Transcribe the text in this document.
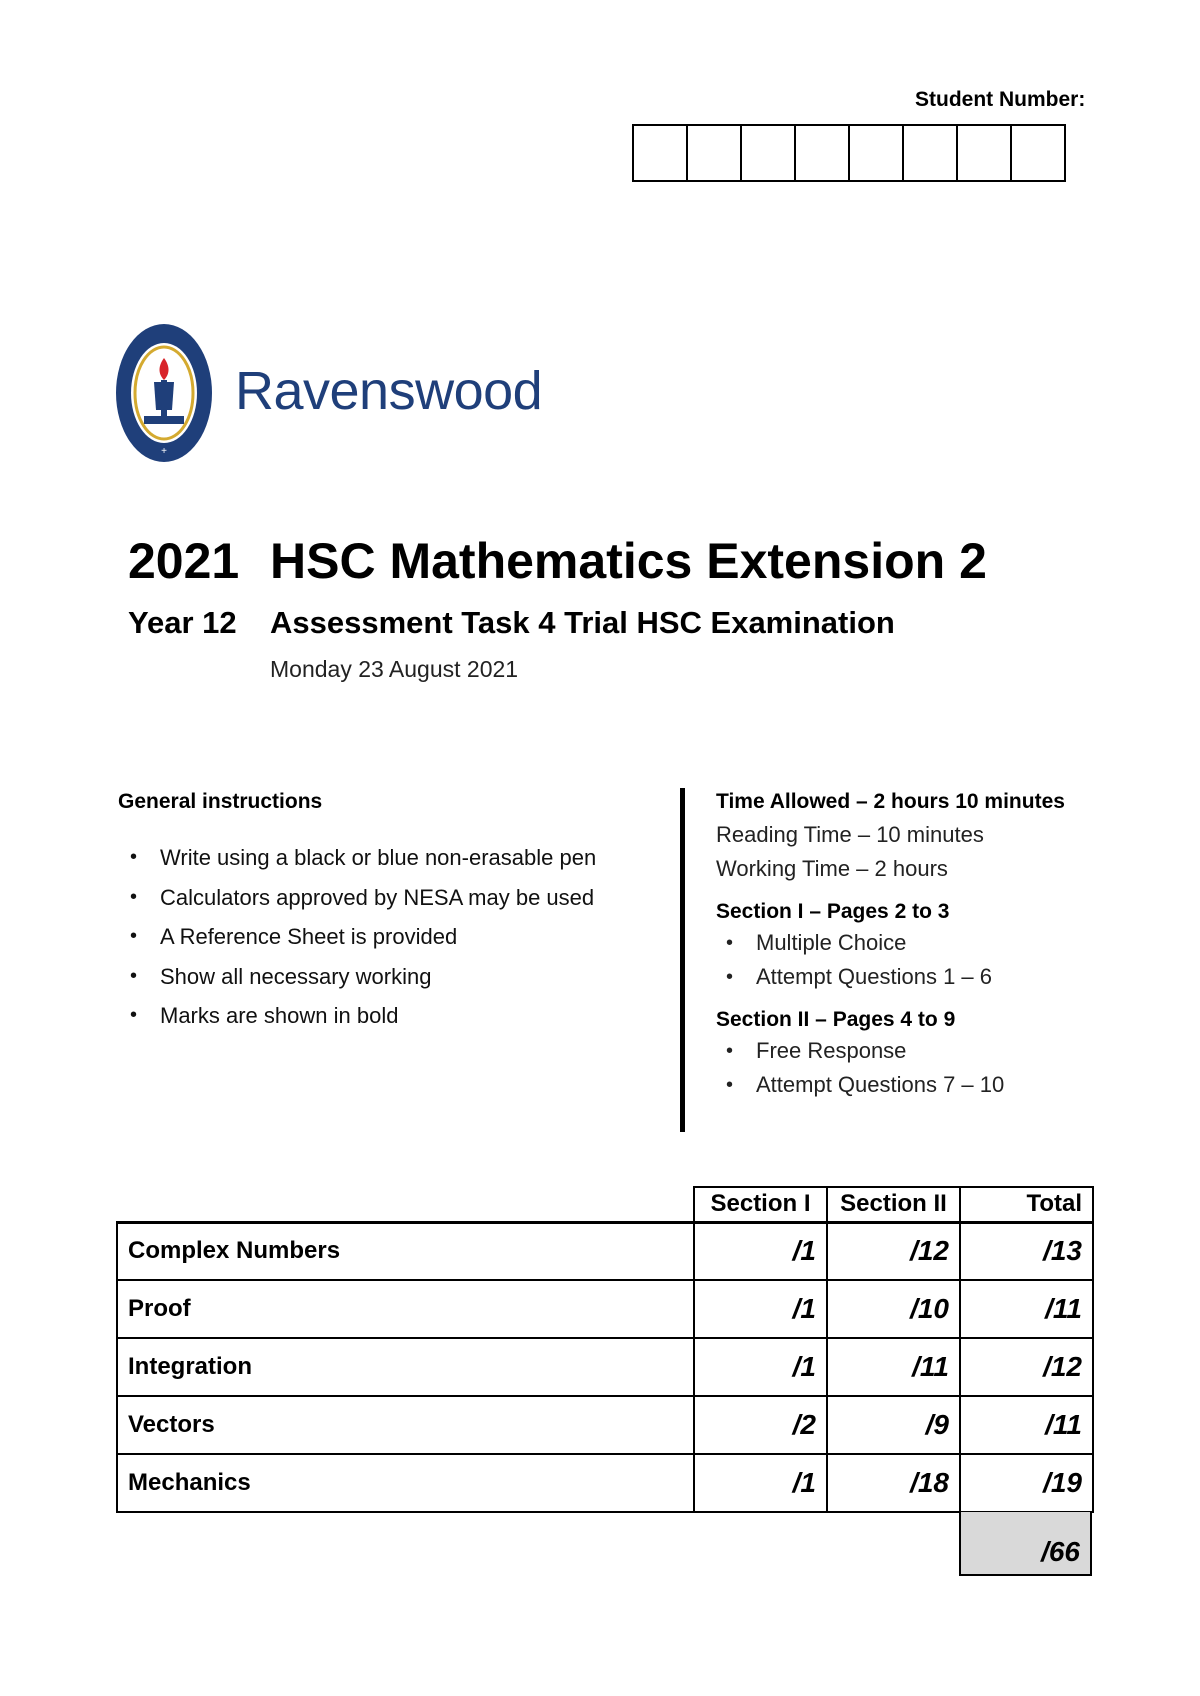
Student Number:
+
Ravenswood
2021 HSC Mathematics Extension 2
Year 12 Assessment Task 4 Trial HSC Examination
Monday 23 August 2021
General instructions
• Write using a black or blue non-erasable pen
• Calculators approved by NESA may be used
• A Reference Sheet is provided
• Show all necessary working
• Marks are shown in bold
Time Allowed – 2 hours 10 minutes
Reading Time – 10 minutes
Working Time – 2 hours
Section I – Pages 2 to 3
• Multiple Choice
• Attempt Questions 1 – 6
Section II – Pages 4 to 9
• Free Response
• Attempt Questions 7 – 10
	Section I	Section II	Total
Complex Numbers	/1	/12	/13
Proof	/1	/10	/11
Integration	/1	/11	/12
Vectors	/2	/9	/11
Mechanics	/1	/18	/19
/66
